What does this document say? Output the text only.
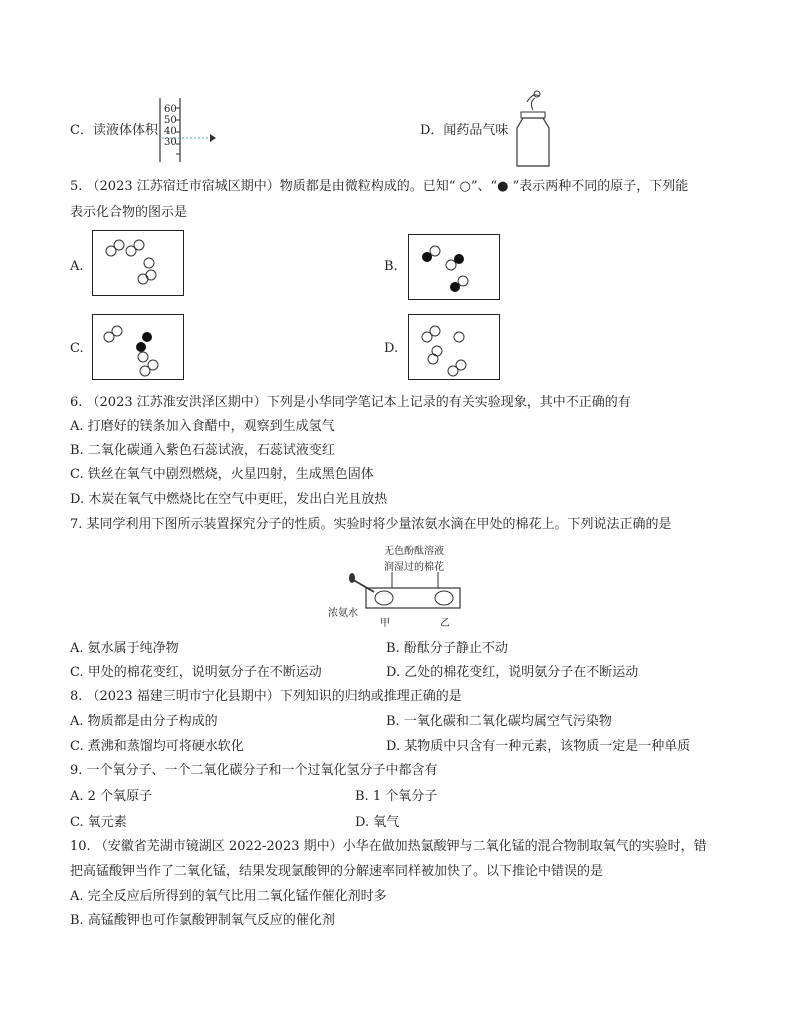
C．读液体体积
60
50
40
30
D．闻药品气味
5. （2023 江苏宿迁市宿城区期中）物质都是由微粒构成的。已知“ ○”、“● ”表示两种不同的原子，下列能
表示化合物的图示是
A.	B.
C.	D.
6. （2023 江苏淮安洪泽区期中）下列是小华同学笔记本上记录的有关实验现象，其中不正确的有
A. 打磨好的镁条加入食醋中，观察到生成氢气
B. 二氧化碳通入紫色石蕊试液，石蕊试液变红
C. 铁丝在氧气中剧烈燃烧，火星四射，生成黑色固体
D. 木炭在氧气中燃烧比在空气中更旺，发出白光且放热
7. 某同学利用下图所示装置探究分子的性质。实验时将少量浓氨水滴在甲处的棉花上。下列说法正确的是
无色酚酞溶液
润湿过的棉花
浓氨水
甲	乙
A. 氨水属于纯净物	B. 酚酞分子静止不动
C. 甲处的棉花变红，说明氨分子在不断运动	D. 乙处的棉花变红，说明氨分子在不断运动
8. （2023 福建三明市宁化县期中）下列知识的归纳或推理正确的是
A. 物质都是由分子构成的	B. 一氧化碳和二氧化碳均属空气污染物
C. 煮沸和蒸馏均可将硬水软化	D. 某物质中只含有一种元素，该物质一定是一种单质
9. 一个氧分子、一个二氧化碳分子和一个过氧化氢分子中都含有
A. 2 个氧原子	B. 1 个氧分子
C. 氧元素	D. 氧气
10. （安徽省芜湖市镜湖区 2022-2023 期中）小华在做加热氯酸钾与二氧化锰的混合物制取氧气的实验时，错
把高锰酸钾当作了二氧化锰，结果发现氯酸钾的分解速率同样被加快了。以下推论中错误的是
A. 完全反应后所得到的氧气比用二氧化锰作催化剂时多
B. 高锰酸钾也可作氯酸钾制氧气反应的催化剂
